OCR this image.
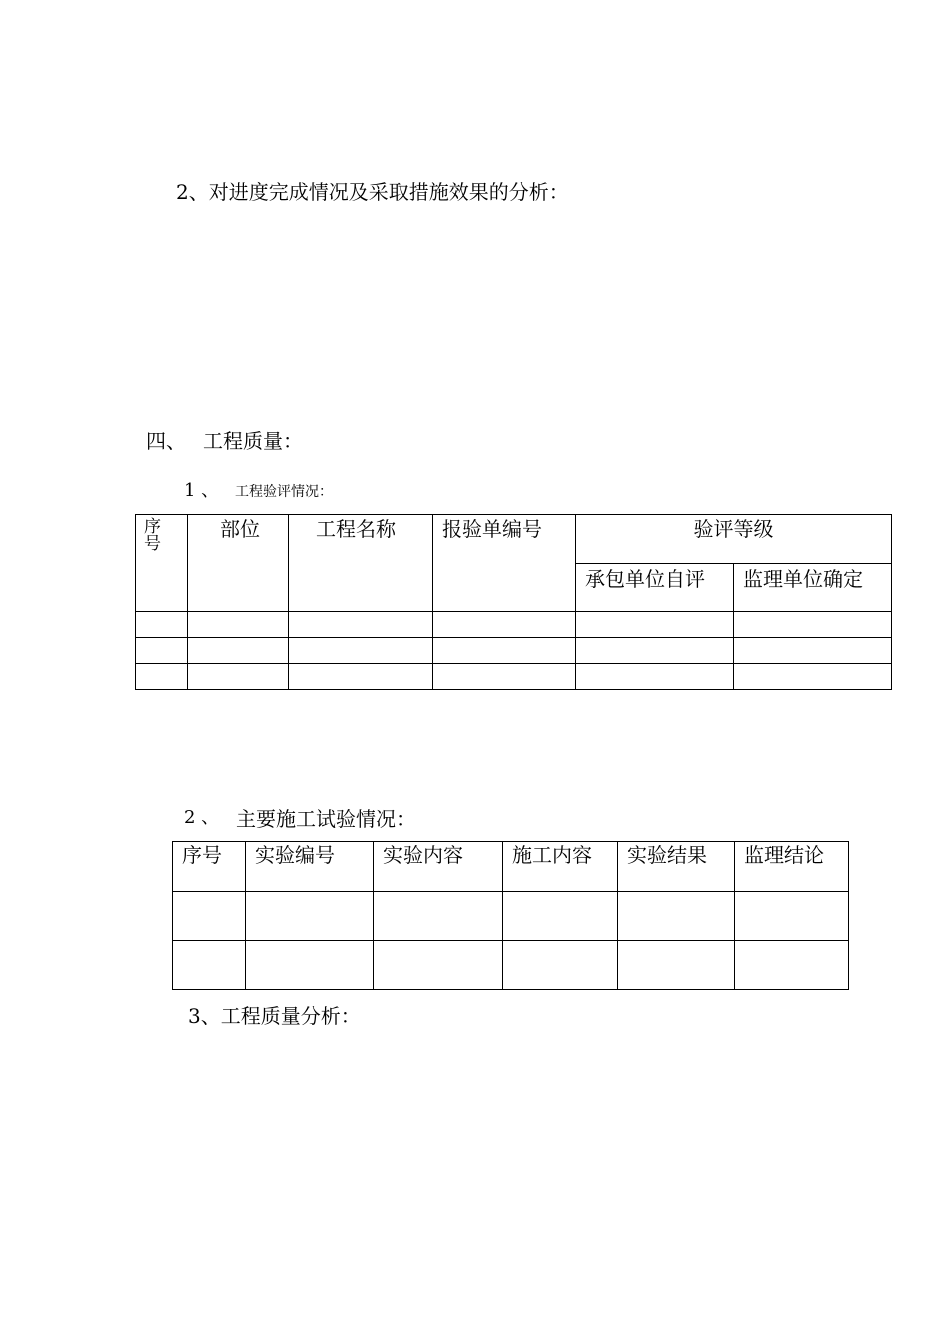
2、对进度完成情况及采取措施效果的分析：
四、 工程质量：
1 、 工程验评情况：
序号	部位	工程名称	报验单编号	验评等级	

				承包单位自评	监理单位确定

2 、 主要施工试验情况：
序号	实验编号	实验内容	施工内容	实验结果	监理结论

3、工程质量分析：
